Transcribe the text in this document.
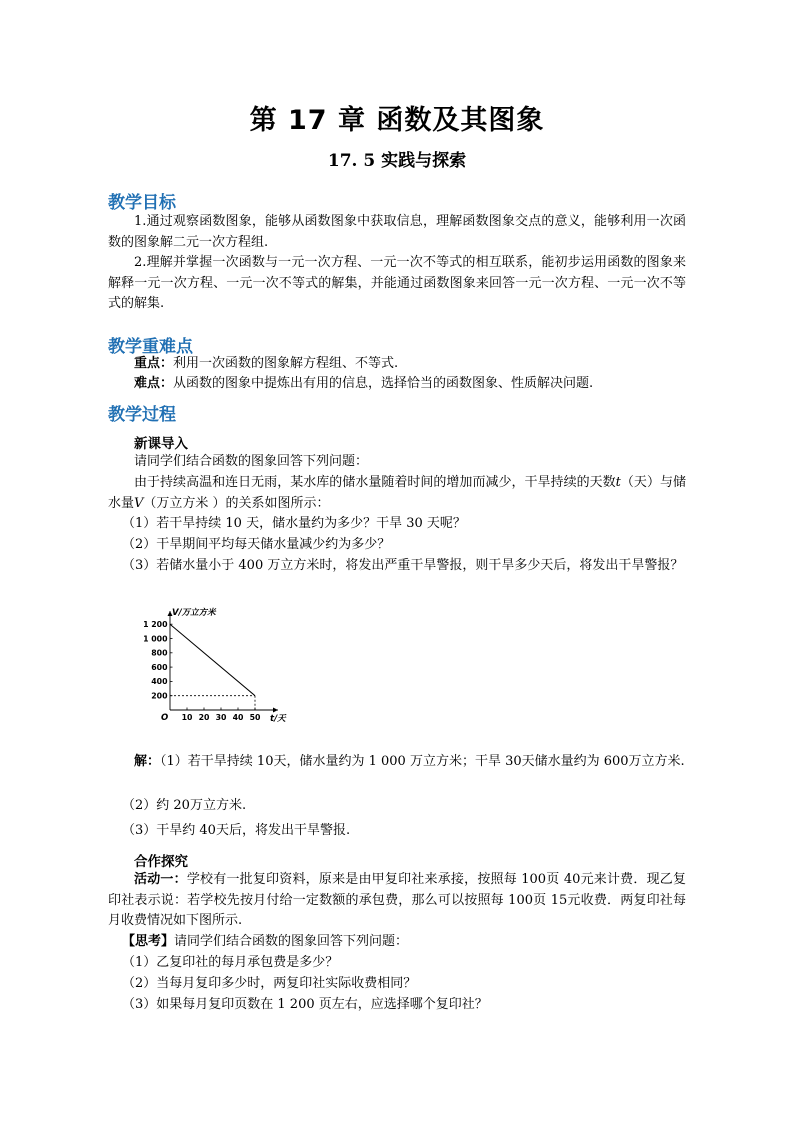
第 17 章 函数及其图象
17. 5 实践与探索
教学目标
1.通过观察函数图象，能够从函数图象中获取信息，理解函数图象交点的意义，能够利用一次函数的图象解二元一次方程组.
2.理解并掌握一次函数与一元一次方程、一元一次不等式的相互联系，能初步运用函数的图象来解释一元一次方程、一元一次不等式的解集，并能通过函数图象来回答一元一次方程、一元一次不等式的解集.
教学重难点
重点：利用一次函数的图象解方程组、不等式.
难点：从函数的图象中提炼出有用的信息，选择恰当的函数图象、性质解决问题.
教学过程
新课导入
请同学们结合函数的图象回答下列问题：
由于持续高温和连日无雨，某水库的储水量随着时间的增加而减少，干旱持续的天数t（天）与储水量V（万立方米 ）的关系如图所示：
（1）若干旱持续 10 天，储水量约为多少？干旱 30 天呢？
（2）干旱期间平均每天储水量减少约为多少？
（3）若储水量小于 400 万立方米时，将发出严重干旱警报，则干旱多少天后，将发出干旱警报？
V/万立方米
t/天
O
1 200
1 000
800
600
400
200
10 20 30 40 50
解：（1）若干旱持续 10天，储水量约为 1 000 万立方米；干旱 30天储水量约为 600万立方米.
（2）约 20万立方米.
（3）干旱约 40天后，将发出干旱警报.
合作探究
活动一：学校有一批复印资料，原来是由甲复印社来承接，按照每 100页 40元来计费．现乙复印社表示说：若学校先按月付给一定数额的承包费，那么可以按照每 100页 15元收费．两复印社每月收费情况如下图所示.
【思考】请同学们结合函数的图象回答下列问题：
（1）乙复印社的每月承包费是多少？
（2）当每月复印多少时，两复印社实际收费相同？
（3）如果每月复印页数在 1 200 页左右，应选择哪个复印社？
